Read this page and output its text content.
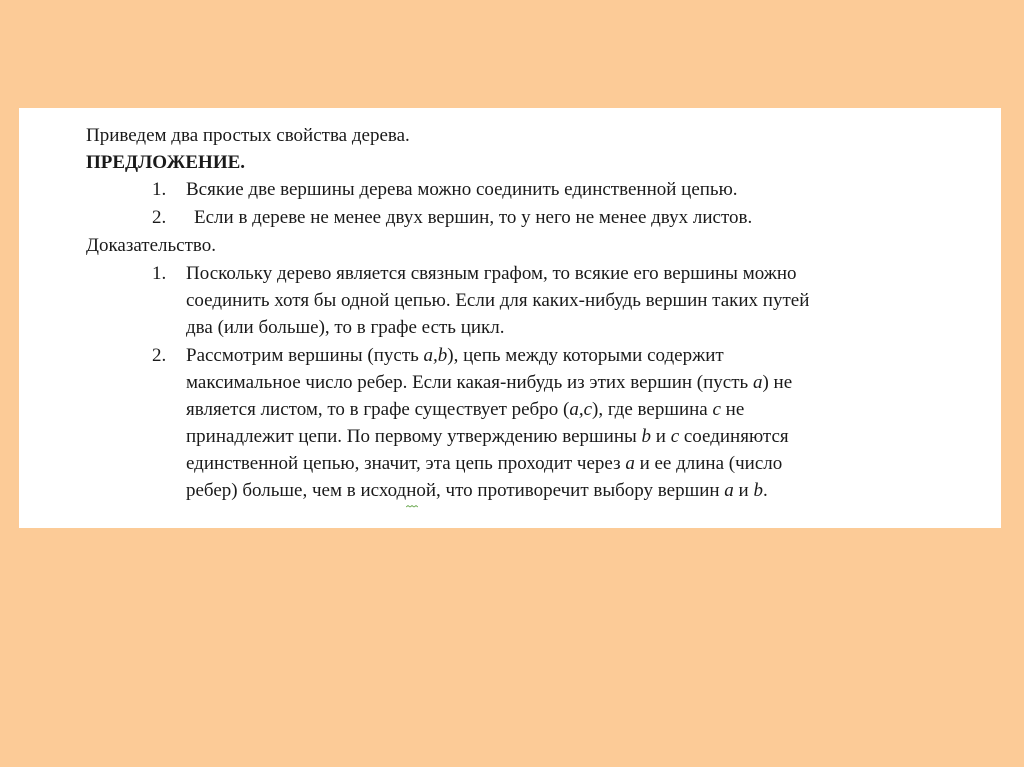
Приведем два простых свойства дерева.
ПРЕДЛОЖЕНИЕ.
1. Всякие две вершины дерева можно соединить единственной цепью.
2. Если в дереве не менее двух вершин, то у него не менее двух листов.
Доказательство.
1. Поскольку дерево является связным графом, то всякие его вершины можно
соединить хотя бы одной цепью. Если для каких-нибудь вершин таких путей
два (или больше), то в графе есть цикл.
2. Рассмотрим вершины (пусть a,b), цепь между которыми содержит
максимальное число ребер. Если какая-нибудь из этих вершин (пусть a) не
является листом, то в графе существует ребро (a,c), где вершина c не
принадлежит цепи. По первому утверждению вершины b и c соединяются
единственной цепью, значит, эта цепь проходит через a и ее длина (число
ребер) больше, чем в исходной, что противоречит выбору вершин a и b.
